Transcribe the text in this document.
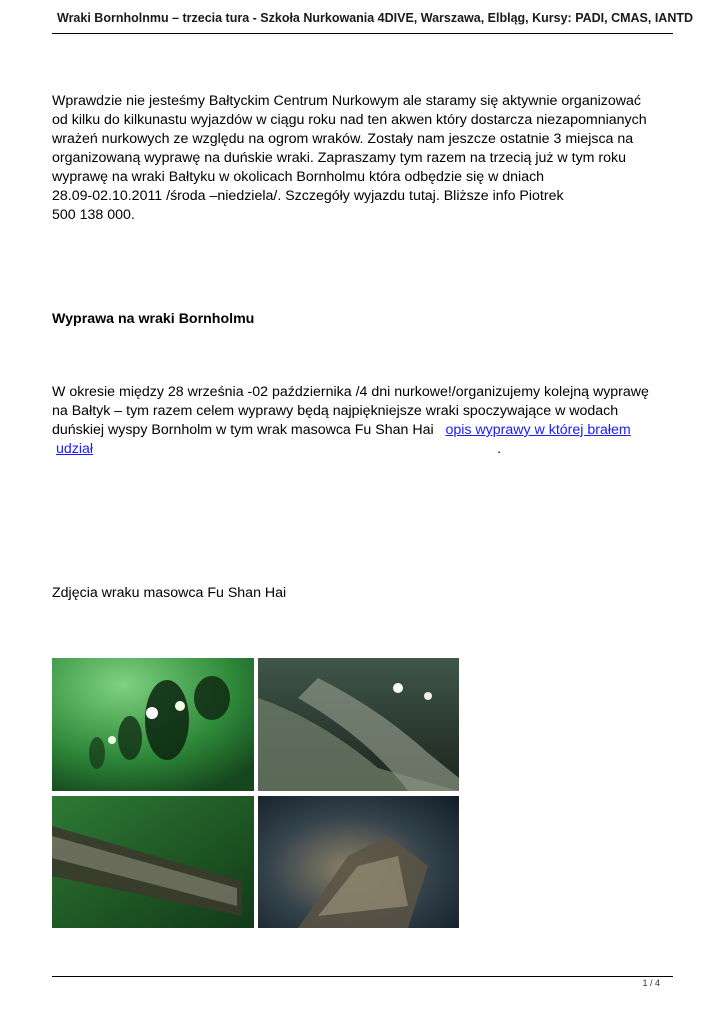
Wraki Bornholnmu – trzecia tura - Szkoła Nurkowania 4DIVE, Warszawa, Elbląg, Kursy: PADI, CMAS, IANTD
Wprawdzie nie jesteśmy Bałtyckim Centrum Nurkowym ale staramy się aktywnie organizować
od kilku do kilkunastu wyjazdów w ciągu roku nad ten akwen który dostarcza niezapomnianych
wrażeń nurkowych ze względu na ogrom wraków. Zostały nam jeszcze ostatnie 3 miejsca na
organizowaną wyprawę na duńskie wraki. Zapraszamy tym razem na trzecią już w tym roku
wyprawę na wraki Bałtyku w okolicach Bornholmu która odbędzie się w dniach
28.09-02.10.2011 /środa –niedziela/. Szczegóły wyjazdu tutaj. Bliższe info Piotrek
500 138 000.
Wyprawa na wraki Bornholmu
W okresie między 28 września -02 października /4 dni nurkowe!/organizujemy kolejną wyprawę
na Bałtyk – tym razem celem wyprawy będą najpiękniejsze wraki spoczywające w wodach
duńskiej wyspy Bornholm w tym wrak masowca Fu Shan Hai opis wyprawy w której brałem
udział	.
Zdjęcia wraku masowca Fu Shan Hai
1 / 4
